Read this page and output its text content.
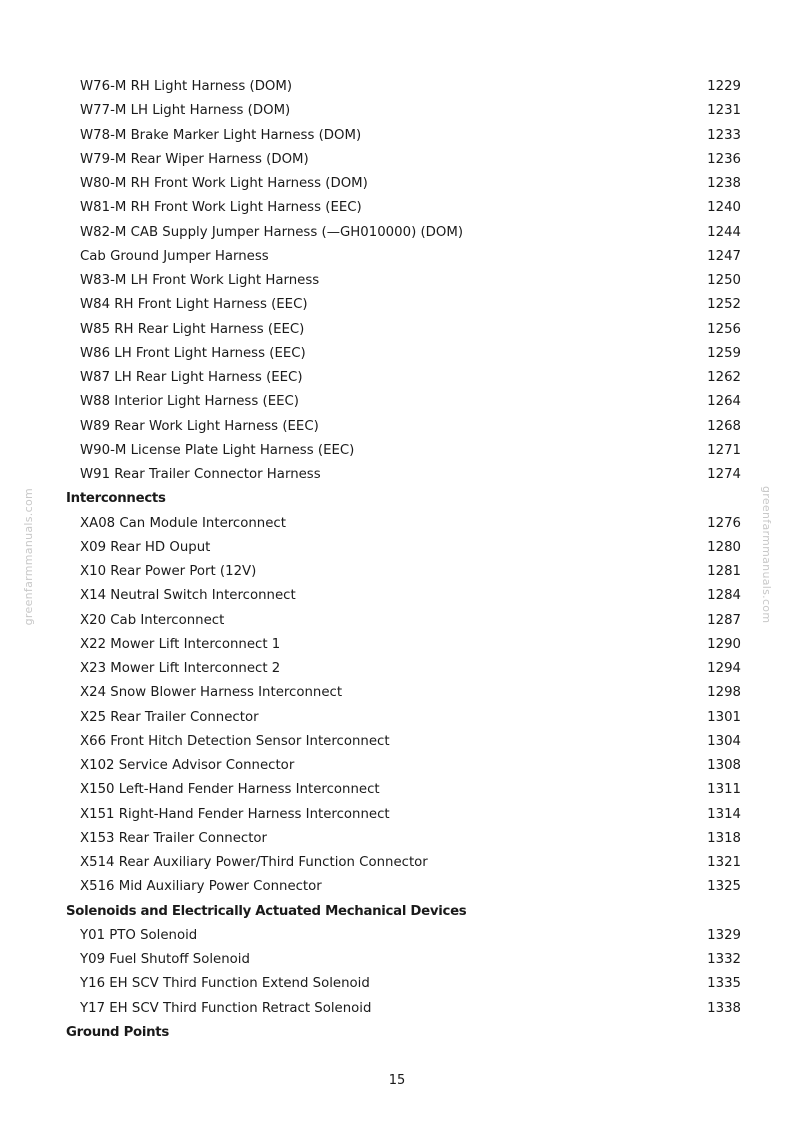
W76-M RH Light Harness (DOM)	1229
W77-M LH Light Harness (DOM)	1231
W78-M Brake Marker Light Harness (DOM)	1233
W79-M Rear Wiper Harness (DOM)	1236
W80-M RH Front Work Light Harness (DOM)	1238
W81-M RH Front Work Light Harness (EEC)	1240
W82-M CAB Supply Jumper Harness (—GH010000) (DOM)	1244
Cab Ground Jumper Harness	1247
W83-M LH Front Work Light Harness	1250
W84 RH Front Light Harness (EEC)	1252
W85 RH Rear Light Harness (EEC)	1256
W86 LH Front Light Harness (EEC)	1259
W87 LH Rear Light Harness (EEC)	1262
W88 Interior Light Harness (EEC)	1264
W89 Rear Work Light Harness (EEC)	1268
W90-M License Plate Light Harness (EEC)	1271
W91 Rear Trailer Connector Harness	1274
Interconnects
XA08 Can Module Interconnect	1276
X09 Rear HD Ouput	1280
X10 Rear Power Port (12V)	1281
X14 Neutral Switch Interconnect	1284
X20 Cab Interconnect	1287
X22 Mower Lift Interconnect 1	1290
X23 Mower Lift Interconnect 2	1294
X24 Snow Blower Harness Interconnect	1298
X25 Rear Trailer Connector	1301
X66 Front Hitch Detection Sensor Interconnect	1304
X102 Service Advisor Connector	1308
X150 Left-Hand Fender Harness Interconnect	1311
X151 Right-Hand Fender Harness Interconnect	1314
X153 Rear Trailer Connector	1318
X514 Rear Auxiliary Power/Third Function Connector	1321
X516 Mid Auxiliary Power Connector	1325
Solenoids and Electrically Actuated Mechanical Devices
Y01 PTO Solenoid	1329
Y09 Fuel Shutoff Solenoid	1332
Y16 EH SCV Third Function Extend Solenoid	1335
Y17 EH SCV Third Function Retract Solenoid	1338
Ground Points
greenfarmmanuals.com	greenfarmmanuals.com
15
